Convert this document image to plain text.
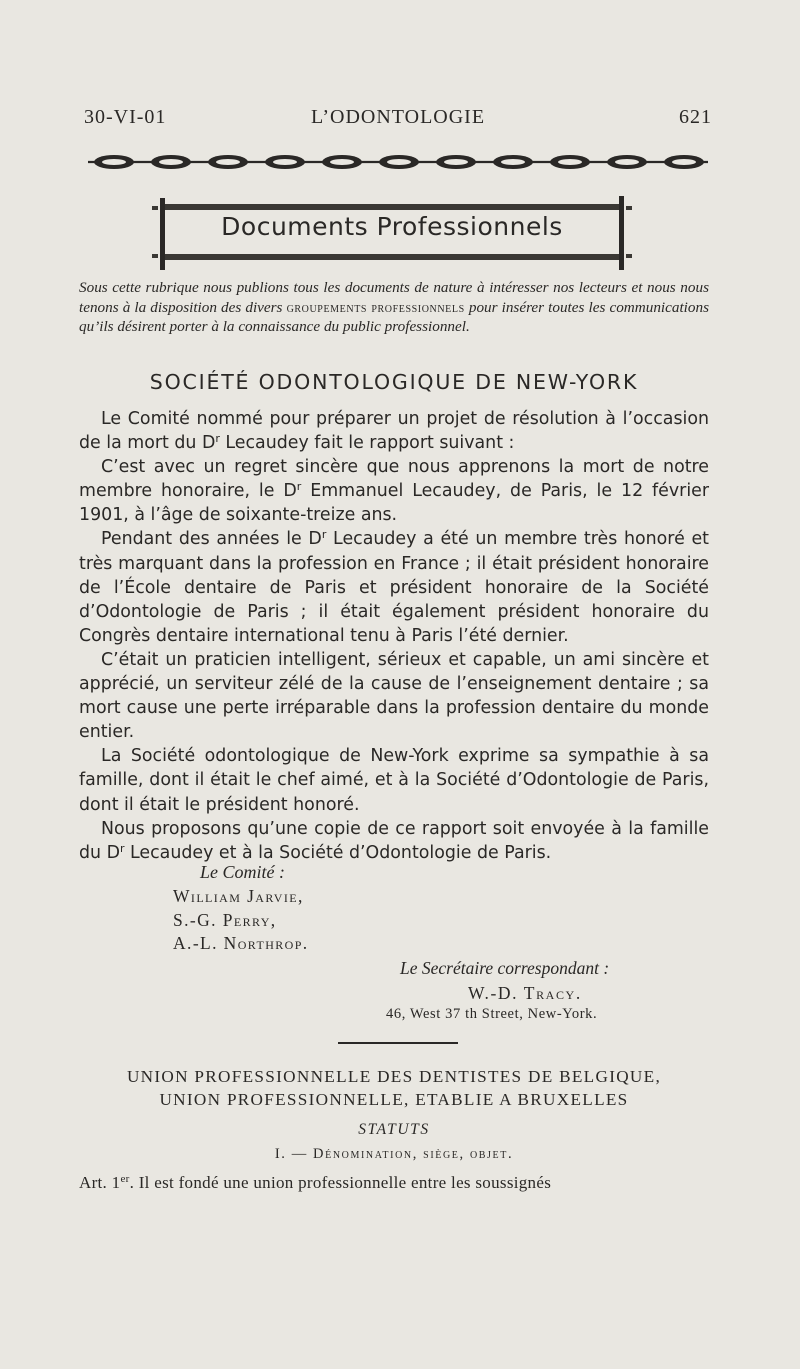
30-VI-01	L’ODONTOLOGIE	621
Documents Professionnels
Sous cette rubrique nous publions tous les documents de nature à intéresser nos lecteurs et nous nous tenons à la disposition des divers groupements professionnels pour insérer toutes les communications qu’ils désirent porter à la connaissance du public professionnel.
SOCIÉTÉ ODONTOLOGIQUE DE NEW-YORK

Le Comité nommé pour préparer un projet de résolution à l’occasion de la mort du $D^r$ Lecaudey fait le rapport suivant :

C’est avec un regret sincère que nous apprenons la mort de notre membre honoraire, le $D^r$ Emmanuel Lecaudey, de Paris, le 12 février 1901, à l’âge de soixante-treize ans.

Pendant des années le $D^r$ Lecaudey a été un membre très honoré et très marquant dans la profession en France ; il était président honoraire de l’École dentaire de Paris et président honoraire de la Société d’Odontologie de Paris ; il était également président honoraire du Congrès dentaire international tenu à Paris l’été dernier.

C’était un praticien intelligent, sérieux et capable, un ami sincère et apprécié, un serviteur zélé de la cause de l’enseignement dentaire ; sa mort cause une perte irréparable dans la profession dentaire du monde entier.

La Société odontologique de New-York exprime sa sympathie à sa famille, dont il était le chef aimé, et à la Société d’Odontologie de Paris, dont il était le président honoré.

Nous proposons qu’une copie de ce rapport soit envoyée à la famille du $D^r$ Lecaudey et à la Société d’Odontologie de Paris.

Le Comité :
William Jarvie,
S.-G. Perry,
A.-L. Northrop.
Le Secrétaire correspondant :
W.-D. Tracy.
46, West 37 th Street, New-York.
UNION PROFESSIONNELLE DES DENTISTES DE BELGIQUE,
UNION PROFESSIONNELLE, ETABLIE A BRUXELLES
STATUTS
I. — Dénomination, siège, objet.
Art. 1er. Il est fondé une union professionnelle entre les soussignés
